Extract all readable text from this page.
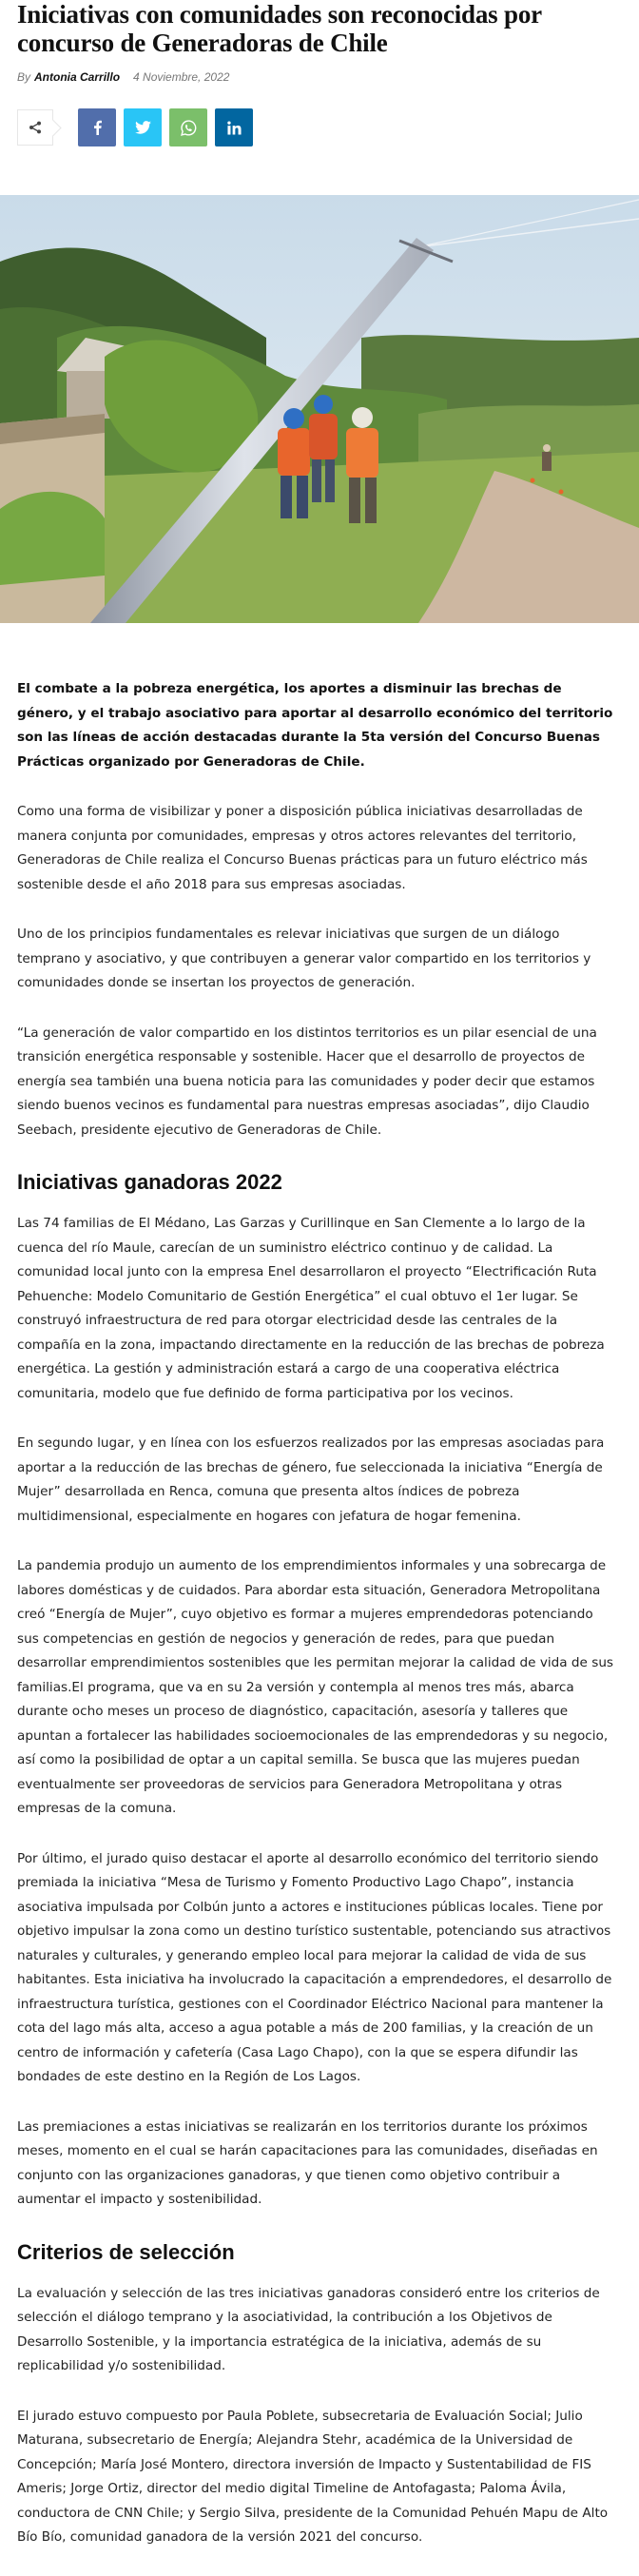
Iniciativas con comunidades son reconocidas por concurso de Generadoras de Chile
By Antonia Carrillo 4 Noviembre, 2022

El combate a la pobreza energética, los aportes a disminuir las brechas de género, y el trabajo asociativo para aportar al desarrollo económico del territorio son las líneas de acción destacadas durante la 5ta versión del Concurso Buenas Prácticas organizado por Generadoras de Chile.

Como una forma de visibilizar y poner a disposición pública iniciativas desarrolladas de manera conjunta por comunidades, empresas y otros actores relevantes del territorio, Generadoras de Chile realiza el Concurso Buenas prácticas para un futuro eléctrico más sostenible desde el año 2018 para sus empresas asociadas.

Uno de los principios fundamentales es relevar iniciativas que surgen de un diálogo temprano y asociativo, y que contribuyen a generar valor compartido en los territorios y comunidades donde se insertan los proyectos de generación.

“La generación de valor compartido en los distintos territorios es un pilar esencial de una transición energética responsable y sostenible. Hacer que el desarrollo de proyectos de energía sea también una buena noticia para las comunidades y poder decir que estamos siendo buenos vecinos es fundamental para nuestras empresas asociadas”, dijo Claudio Seebach, presidente ejecutivo de Generadoras de Chile.

Iniciativas ganadoras 2022

Las 74 familias de El Médano, Las Garzas y Curillinque en San Clemente a lo largo de la cuenca del río Maule, carecían de un suministro eléctrico continuo y de calidad. La comunidad local junto con la empresa Enel desarrollaron el proyecto “Electrificación Ruta Pehuenche: Modelo Comunitario de Gestión Energética” el cual obtuvo el 1er lugar. Se construyó infraestructura de red para otorgar electricidad desde las centrales de la compañía en la zona, impactando directamente en la reducción de las brechas de pobreza energética. La gestión y administración estará a cargo de una cooperativa eléctrica comunitaria, modelo que fue definido de forma participativa por los vecinos.

En segundo lugar, y en línea con los esfuerzos realizados por las empresas asociadas para aportar a la reducción de las brechas de género, fue seleccionada la iniciativa “Energía de Mujer” desarrollada en Renca, comuna que presenta altos índices de pobreza multidimensional, especialmente en hogares con jefatura de hogar femenina.

La pandemia produjo un aumento de los emprendimientos informales y una sobrecarga de labores domésticas y de cuidados. Para abordar esta situación, Generadora Metropolitana creó “Energía de Mujer”, cuyo objetivo es formar a mujeres emprendedoras potenciando sus competencias en gestión de negocios y generación de redes, para que puedan desarrollar emprendimientos sostenibles que les permitan mejorar la calidad de vida de sus familias.El programa, que va en su 2a versión y contempla al menos tres más, abarca durante ocho meses un proceso de diagnóstico, capacitación, asesoría y talleres que apuntan a fortalecer las habilidades socioemocionales de las emprendedoras y su negocio, así como la posibilidad de optar a un capital semilla. Se busca que las mujeres puedan eventualmente ser proveedoras de servicios para Generadora Metropolitana y otras empresas de la comuna.

Por último, el jurado quiso destacar el aporte al desarrollo económico del territorio siendo premiada la iniciativa “Mesa de Turismo y Fomento Productivo Lago Chapo”, instancia asociativa impulsada por Colbún junto a actores e instituciones públicas locales. Tiene por objetivo impulsar la zona como un destino turístico sustentable, potenciando sus atractivos naturales y culturales, y generando empleo local para mejorar la calidad de vida de sus habitantes. Esta iniciativa ha involucrado la capacitación a emprendedores, el desarrollo de infraestructura turística, gestiones con el Coordinador Eléctrico Nacional para mantener la cota del lago más alta, acceso a agua potable a más de 200 familias, y la creación de un centro de información y cafetería (Casa Lago Chapo), con la que se espera difundir las bondades de este destino en la Región de Los Lagos.

Las premiaciones a estas iniciativas se realizarán en los territorios durante los próximos meses, momento en el cual se harán capacitaciones para las comunidades, diseñadas en conjunto con las organizaciones ganadoras, y que tienen como objetivo contribuir a aumentar el impacto y sostenibilidad.

Criterios de selección

La evaluación y selección de las tres iniciativas ganadoras consideró entre los criterios de selección el diálogo temprano y la asociatividad, la contribución a los Objetivos de Desarrollo Sostenible, y la importancia estratégica de la iniciativa, además de su replicabilidad y/o sostenibilidad.

El jurado estuvo compuesto por Paula Poblete, subsecretaria de Evaluación Social; Julio Maturana, subsecretario de Energía; Alejandra Stehr, académica de la Universidad de Concepción; María José Montero, directora inversión de Impacto y Sustentabilidad de FIS Ameris; Jorge Ortiz, director del medio digital Timeline de Antofagasta; Paloma Ávila, conductora de CNN Chile; y Sergio Silva, presidente de la Comunidad Pehuén Mapu de Alto Bío Bío, comunidad ganadora de la versión 2021 del concurso.
